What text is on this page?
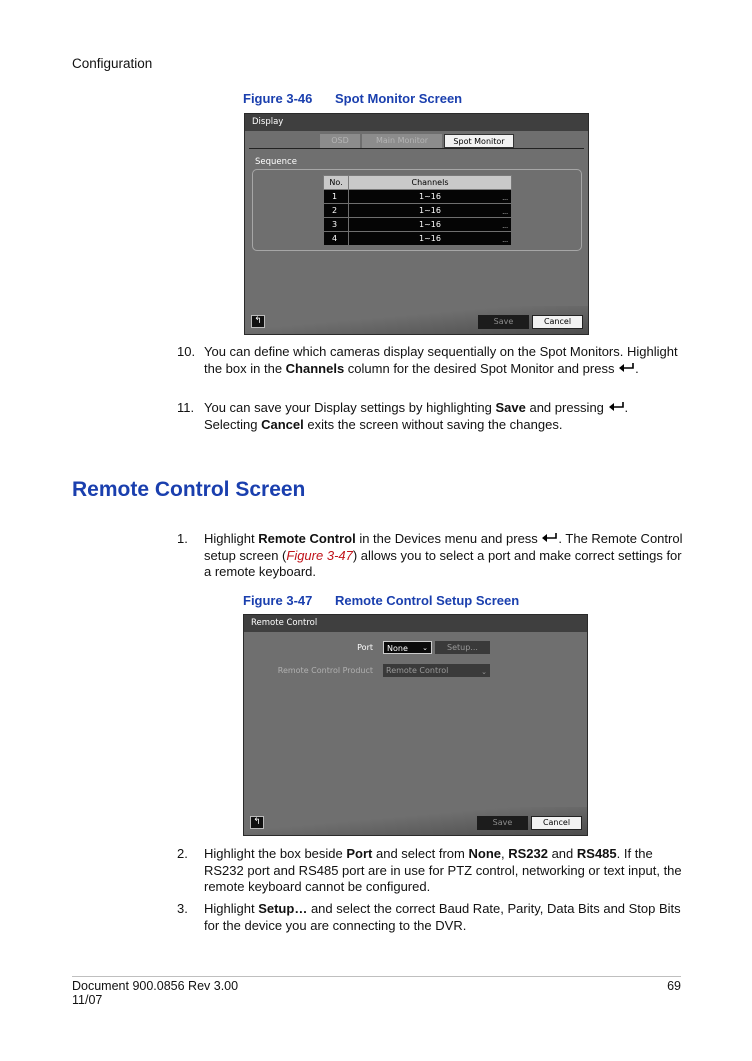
Configuration
Figure 3-46 Spot Monitor Screen
Display
OSD	Main Monitor	Spot Monitor
Sequence
No.	Channels
1	1~16 ...

2	1~16 ...

3	1~16 ...

4	1~16 ...
↰	Save	Cancel
10. You can define which cameras display sequentially on the Spot Monitors. Highlight the box in the Channels column for the desired Spot Monitor and press .
11. You can save your Display settings by highlighting Save and pressing . Selecting Cancel exits the screen without saving the changes.
Remote Control Screen
1. Highlight Remote Control in the Devices menu and press . The Remote Control setup screen (Figure 3-47) allows you to select a port and make correct settings for a remote keyboard.
Figure 3-47 Remote Control Setup Screen
Remote Control
Port	None ⌄	Setup...
Remote Control Product	Remote Control	⌄
↰	Save	Cancel
2. Highlight the box beside Port and select from None, RS232 and RS485. If the RS232 port and RS485 port are in use for PTZ control, networking or text input, the remote keyboard cannot be configured.
3. Highlight Setup… and select the correct Baud Rate, Parity, Data Bits and Stop Bits for the device you are connecting to the DVR.
Document 900.0856 Rev 3.00
11/07
69
